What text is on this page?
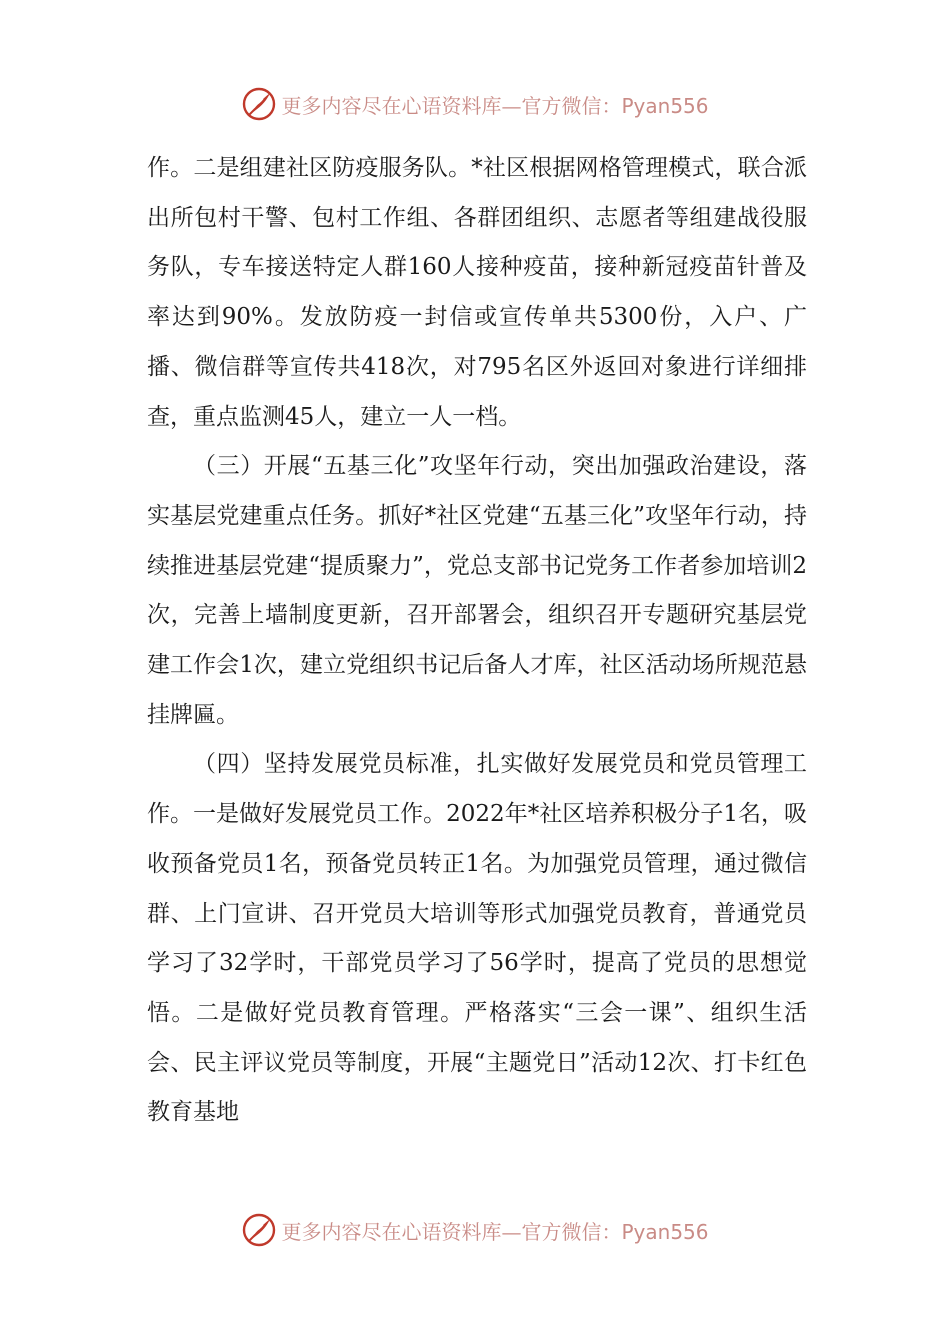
更多内容尽在心语资料库—官方微信：Pyan556

作。二是组建社区防疫服务队。*社区根据网格管理模式，联合派出所包村干警、包村工作组、各群团组织、志愿者等组建战役服务队，专车接送特定人群160人接种疫苗，接种新冠疫苗针普及率达到90%。发放防疫一封信或宣传单共5300份，入户、广播、微信群等宣传共418次，对795名区外返回对象进行详细排查，重点监测45人，建立一人一档。

（三）开展“五基三化”攻坚年行动，突出加强政治建设，落实基层党建重点任务。抓好*社区党建“五基三化”攻坚年行动，持续推进基层党建“提质聚力”，党总支部书记党务工作者参加培训2次，完善上墙制度更新，召开部署会，组织召开专题研究基层党建工作会1次，建立党组织书记后备人才库，社区活动场所规范悬挂牌匾。

（四）坚持发展党员标准，扎实做好发展党员和党员管理工作。一是做好发展党员工作。2022年*社区培养积极分子1名，吸收预备党员1名，预备党员转正1名。为加强党员管理，通过微信群、上门宣讲、召开党员大培训等形式加强党员教育，普通党员学习了32学时，干部党员学习了56学时，提高了党员的思想觉悟。二是做好党员教育管理。严格落实“三会一课”、组织生活会、民主评议党员等制度，开展“主题党日”活动12次、打卡红色教育基地

更多内容尽在心语资料库—官方微信：Pyan556
